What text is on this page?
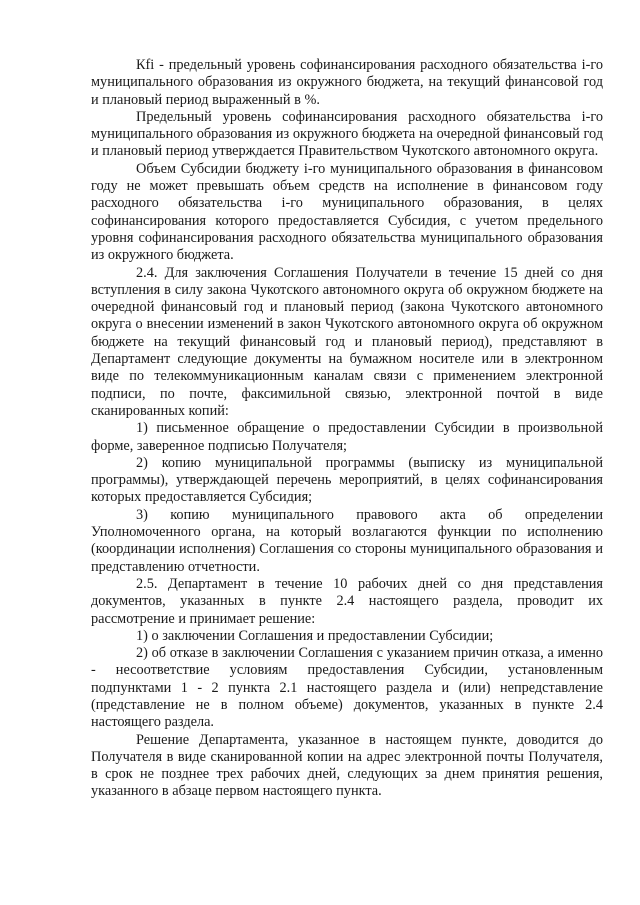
Кfi - предельный уровень софинансирования расходного обязательства i-го муниципального образования из окружного бюджета, на текущий финансовой год и плановый период выраженный в %.

Предельный уровень софинансирования расходного обязательства i-го муниципального образования из окружного бюджета на очередной финансовый год и плановый период утверждается Правительством Чукотского автономного округа.

Объем Субсидии бюджету i-го муниципального образования в финансовом году не может превышать объем средств на исполнение в финансовом году расходного обязательства i-го муниципального образования, в целях софинансирования которого предоставляется Субсидия, с учетом предельного уровня софинансирования расходного обязательства муниципального образования из окружного бюджета.

2.4. Для заключения Соглашения Получатели в течение 15 дней со дня вступления в силу закона Чукотского автономного округа об окружном бюджете на очередной финансовый год и плановый период (закона Чукотского автономного округа о внесении изменений в закон Чукотского автономного округа об окружном бюджете на текущий финансовый год и плановый период), представляют в Департамент следующие документы на бумажном носителе или в электронном виде по телекоммуникационным каналам связи с применением электронной подписи, по почте, факсимильной связью, электронной почтой в виде сканированных копий:

1) письменное обращение о предоставлении Субсидии в произвольной форме, заверенное подписью Получателя;

2) копию муниципальной программы (выписку из муниципальной программы), утверждающей перечень мероприятий, в целях софинансирования которых предоставляется Субсидия;

3) копию муниципального правового акта об определении Уполномоченного органа, на который возлагаются функции по исполнению (координации исполнения) Соглашения со стороны муниципального образования и представлению отчетности.

2.5. Департамент в течение 10 рабочих дней со дня представления документов, указанных в пункте 2.4 настоящего раздела, проводит их рассмотрение и принимает решение:

1) о заключении Соглашения и предоставлении Субсидии;

2) об отказе в заключении Соглашения с указанием причин отказа, а именно - несоответствие условиям предоставления Субсидии, установленным подпунктами 1 - 2 пункта 2.1 настоящего раздела и (или) непредставление (представление не в полном объеме) документов, указанных в пункте 2.4 настоящего раздела.

Решение Департамента, указанное в настоящем пункте, доводится до Получателя в виде сканированной копии на адрес электронной почты Получателя, в срок не позднее трех рабочих дней, следующих за днем принятия решения, указанного в абзаце первом настоящего пункта.
